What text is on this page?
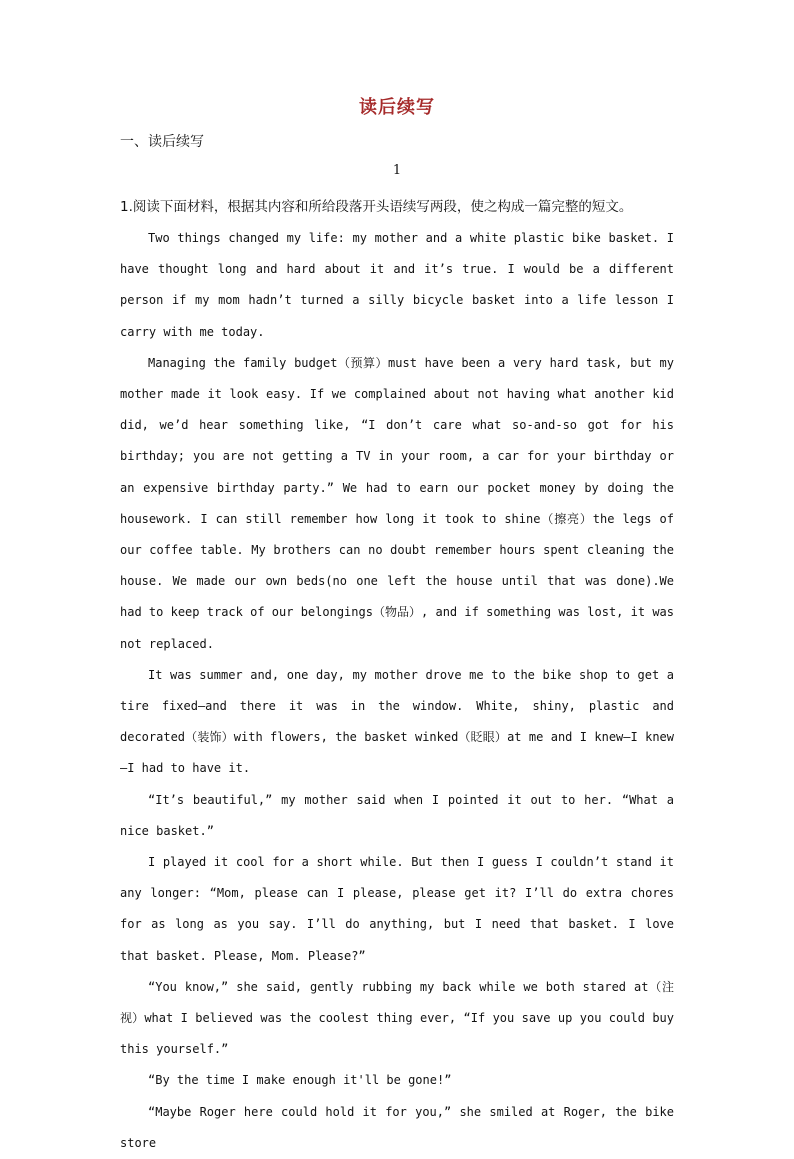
读后续写
一、读后续写
1
1.阅读下面材料，根据其内容和所给段落开头语续写两段，使之构成一篇完整的短文。

Two things changed my life: my mother and a white plastic bike basket. I have thought long and hard about it and it’s true. I would be a different person if my mom hadn’t turned a silly bicycle basket into a life lesson I carry with me today.

Managing the family budget（预算）must have been a very hard task, but my mother made it look easy. If we complained about not having what another kid did, we’d hear something like, “I don’t care what so-and-so got for his birthday; you are not getting a TV in your room, a car for your birthday or an expensive birthday party.” We had to earn our pocket money by doing the housework. I can still remember how long it took to shine（擦亮）the legs of our coffee table. My brothers can no doubt remember hours spent cleaning the house. We made our own beds(no one left the house until that was done).We had to keep track of our belongings（物品）, and if something was lost, it was not replaced.

It was summer and, one day, my mother drove me to the bike shop to get a tire fixed—and there it was in the window. White, shiny, plastic and decorated（装饰）with flowers, the basket winked（眨眼）at me and I knew—I knew—I had to have it.

“It’s beautiful,” my mother said when I pointed it out to her. “What a nice basket.”

I played it cool for a short while. But then I guess I couldn’t stand it any longer: “Mom, please can I please, please get it? I’ll do extra chores for as long as you say. I’ll do anything, but I need that basket. I love that basket. Please, Mom. Please?”

“You know,” she said, gently rubbing my back while we both stared at（注视）what I believed was the coolest thing ever, “If you save up you could buy this yourself.”

“By the time I make enough it'll be gone!”

“Maybe Roger here could hold it for you,” she smiled at Roger, the bike store
